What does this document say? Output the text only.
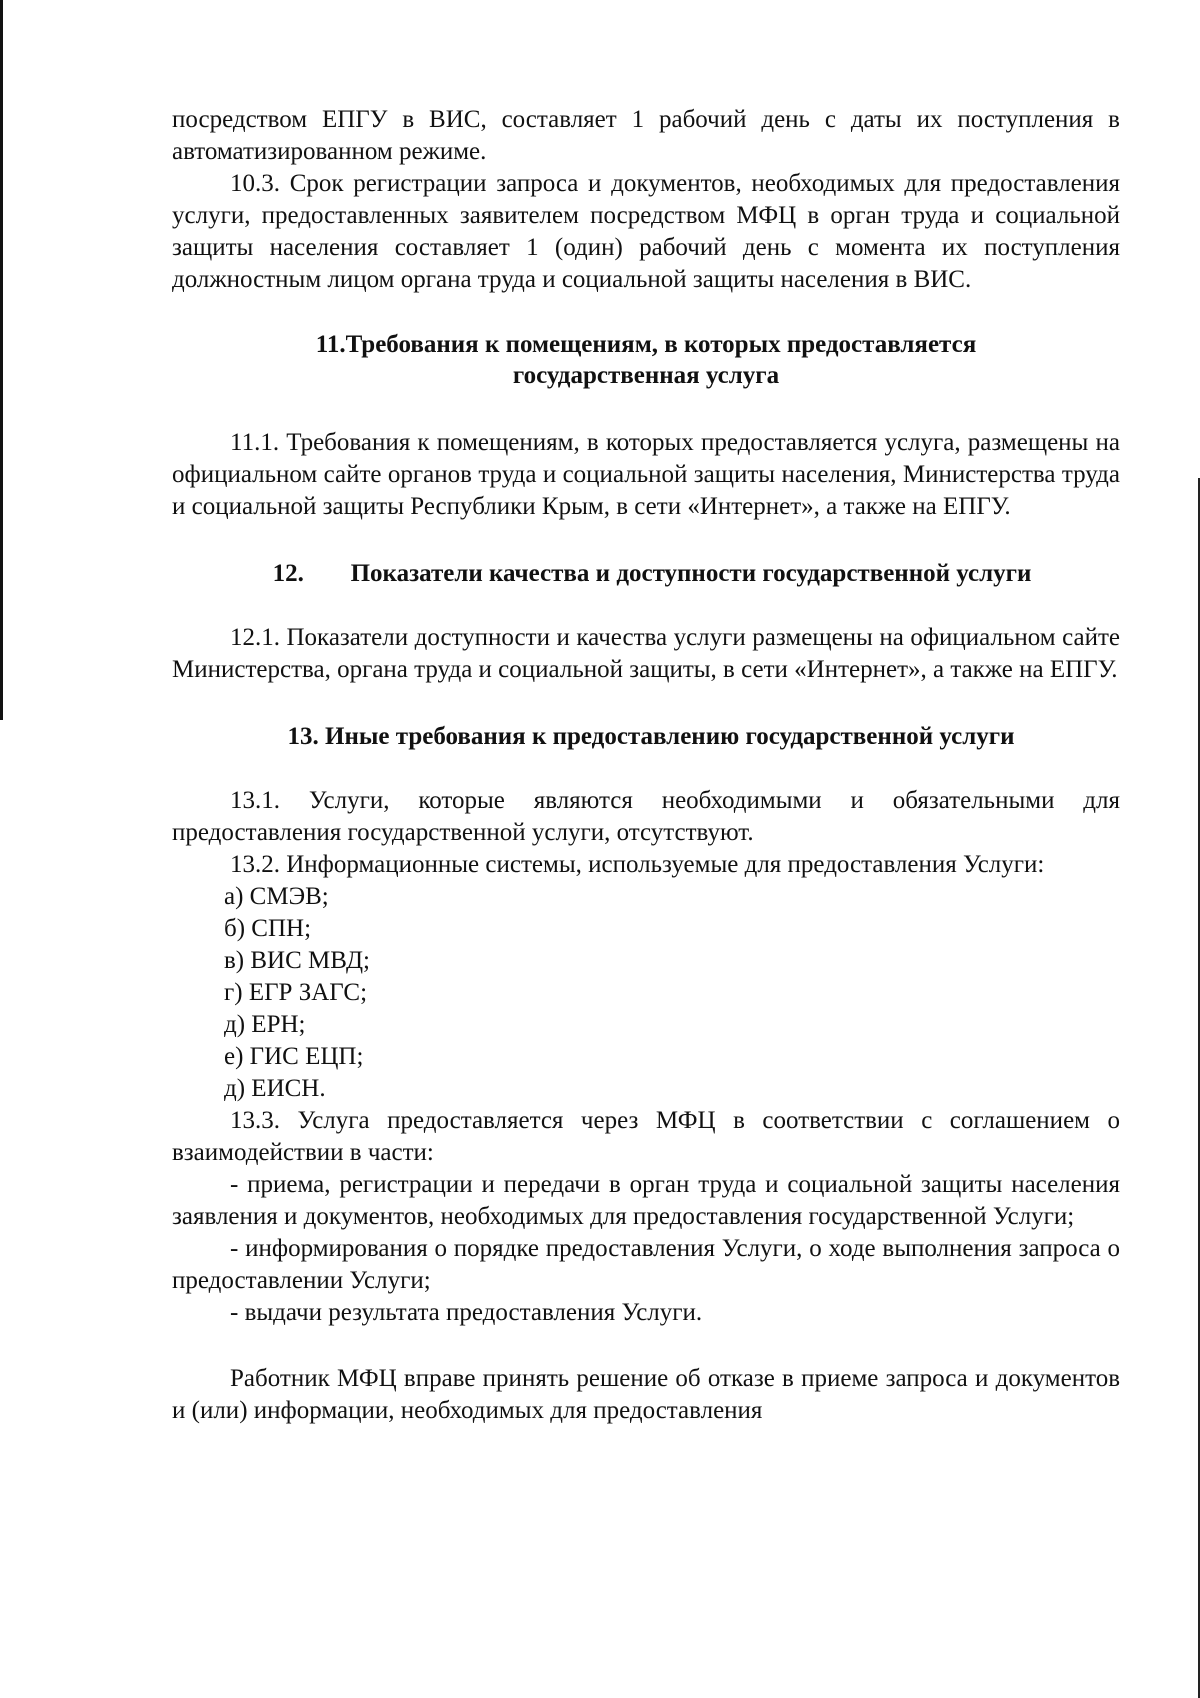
посредством ЕПГУ в ВИС, составляет 1 рабочий день с даты их поступления в автоматизированном режиме.

10.3. Срок регистрации запроса и документов, необходимых для предоставления услуги, предоставленных заявителем посредством МФЦ в орган труда и социальной защиты населения составляет 1 (один) рабочий день с момента их поступления должностным лицом органа труда и социальной защиты населения в ВИС.

11.Требования к помещениям, в которых предоставляется
государственная услуга

11.1. Требования к помещениям, в которых предоставляется услуга, размещены на официальном сайте органов труда и социальной защиты населения, Министерства труда и социальной защиты Республики Крым, в сети «Интернет», а также на ЕПГУ.

12. Показатели качества и доступности государственной услуги

12.1. Показатели доступности и качества услуги размещены на официальном сайте Министерства, органа труда и социальной защиты, в сети «Интернет», а также на ЕПГУ.

13. Иные требования к предоставлению государственной услуги

13.1. Услуги, которые являются необходимыми и обязательными для предоставления государственной услуги, отсутствуют.

13.2. Информационные системы, используемые для предоставления Услуги:

а) СМЭВ;

б) СПН;

в) ВИС МВД;

г) ЕГР ЗАГС;

д) ЕРН;

е) ГИС ЕЦП;

д) ЕИСН.

13.3. Услуга предоставляется через МФЦ в соответствии с соглашением о взаимодействии в части:

- приема, регистрации и передачи в орган труда и социальной защиты населения заявления и документов, необходимых для предоставления государственной Услуги;

- информирования о порядке предоставления Услуги, о ходе выполнения запроса о предоставлении Услуги;

- выдачи результата предоставления Услуги.

Работник МФЦ вправе принять решение об отказе в приеме запроса и документов и (или) информации, необходимых для предоставления
